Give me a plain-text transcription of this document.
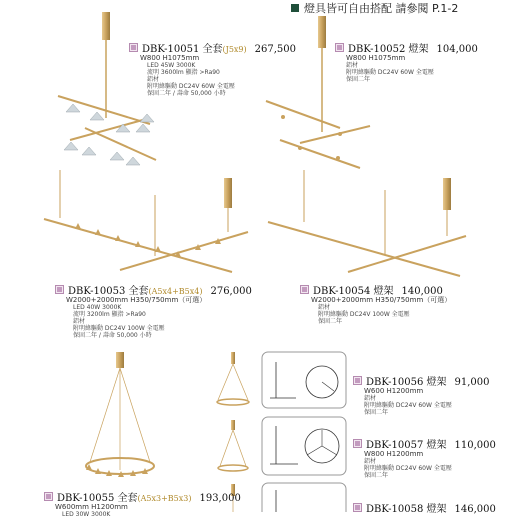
燈具皆可自由搭配 請參閱 P.1-2
DBK-10051 全套(J5x9) 267,500
W800 H1075mm
LED 45W 3000K
流明 3600lm 顯指 >Ra90
鋁材
附明緯驅動 DC24V 60W 全電壓
保固二年 / 壽命 50,000 小時
DBK-10052 燈架 104,000
W800 H1075mm
鋁材
附明緯驅動 DC24V 60W 全電壓
保固二年
DBK-10053 全套(A5x4+B5x4) 276,000
W2000+2000mm H350/750mm（可選）
LED 40W 3000K
流明 3200lm 顯指 >Ra90
鋁材
附明緯驅動 DC24V 100W 全電壓
保固二年 / 壽命 50,000 小時
DBK-10054 燈架 140,000
W2000+2000mm H350/750mm（可選）
鋁材
附明緯驅動 DC24V 100W 全電壓
保固二年
DBK-10055 全套(A5x3+B5x3) 193,000
W600mm H1200mm
LED 30W 3000K
DBK-10056 燈架 91,000
W600 H1200mm
鋁材
附明緯驅動 DC24V 60W 全電壓
保固二年
DBK-10057 燈架 110,000
W800 H1200mm
鋁材
附明緯驅動 DC24V 60W 全電壓
保固二年
DBK-10058 燈架 146,000
